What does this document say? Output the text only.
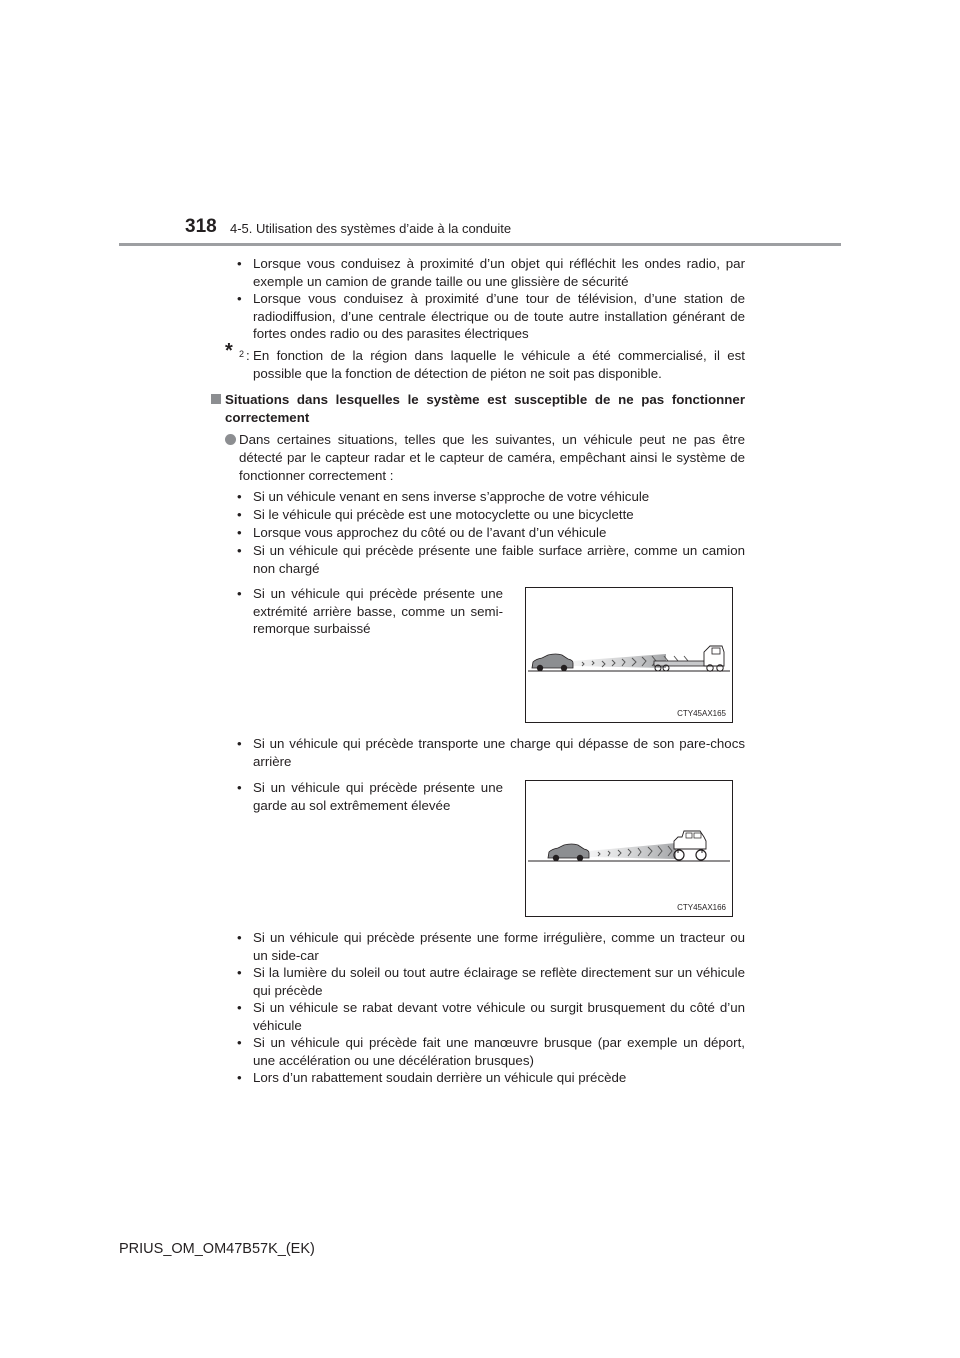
318 4-5. Utilisation des systèmes d’aide à la conduite
• Lorsque vous conduisez à proximité d’un objet qui réfléchit les ondes radio, par exemple un camion de grande taille ou une glissière de sécurité
• Lorsque vous conduisez à proximité d’une tour de télévision, d’une station de radiodiffusion, d’une centrale électrique ou de toute autre installation générant de fortes ondes radio ou des parasites électriques
* 2 : En fonction de la région dans laquelle le véhicule a été commercialisé, il est possible que la fonction de détection de piéton ne soit pas disponible.
Situations dans lesquelles le système est susceptible de ne pas fonctionner correctement
Dans certaines situations, telles que les suivantes, un véhicule peut ne pas être détecté par le capteur radar et le capteur de caméra, empêchant ainsi le système de fonctionner correctement :
• Si un véhicule venant en sens inverse s’approche de votre véhicule
• Si le véhicule qui précède est une motocyclette ou une bicyclette
• Lorsque vous approchez du côté ou de l’avant d’un véhicule
• Si un véhicule qui précède présente une faible surface arrière, comme un camion non chargé
• Si un véhicule qui précède présente une extrémité arrière basse, comme un semi-remorque surbaissé
CTY45AX165
• Si un véhicule qui précède transporte une charge qui dépasse de son pare-chocs arrière
• Si un véhicule qui précède présente une garde au sol extrêmement élevée
CTY45AX166
• Si un véhicule qui précède présente une forme irrégulière, comme un tracteur ou un side-car
• Si la lumière du soleil ou tout autre éclairage se reflète directement sur un véhicule qui précède
• Si un véhicule se rabat devant votre véhicule ou surgit brusquement du côté d’un véhicule
• Si un véhicule qui précède fait une manœuvre brusque (par exemple un déport, une accélération ou une décélération brusques)
• Lors d’un rabattement soudain derrière un véhicule qui précède
PRIUS_OM_OM47B57K_(EK)
